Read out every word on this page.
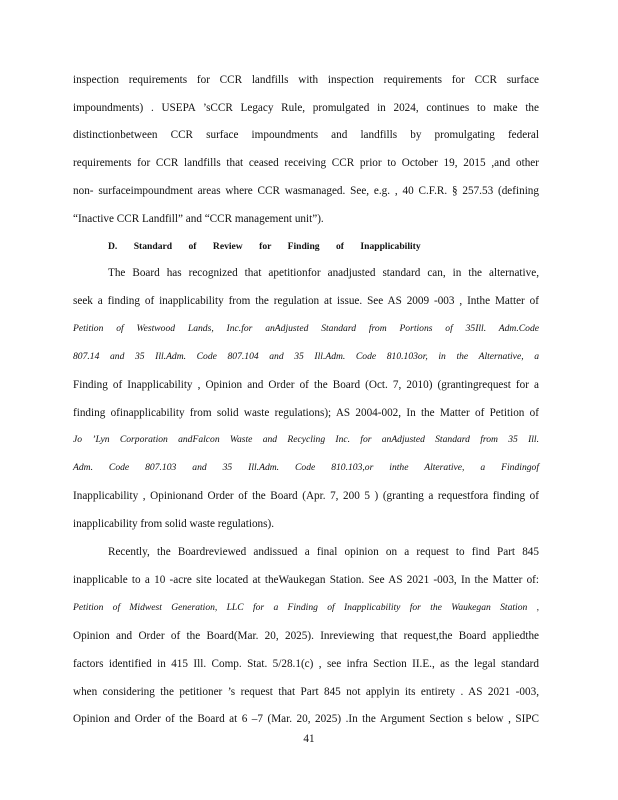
inspection requirements for CCR landfills with inspection requirements for CCR surface
impoundments) . USEPA ’sCCR Legacy Rule, promulgated in 2024, continues to make the
distinctionbetween CCR surface impoundments and landfills by promulgating federal
requirements for CCR landfills that ceased receiving CCR prior to October 19, 2015 ,and other
non- surfaceimpoundment areas where CCR wasmanaged. See, e.g. , 40 C.F.R. § 257.53 (defining
“Inactive CCR Landfill” and “CCR management unit”).
D. Standard of Review for Finding of Inapplicability
The Board has recognized that apetitionfor anadjusted standard can, in the alternative,
seek a finding of inapplicability from the regulation at issue. See AS 2009 -003 , Inthe Matter of
Petition of Westwood Lands, Inc.for anAdjusted Standard from Portions of 35Ill. Adm.Code
807.14 and 35 Ill.Adm. Code 807.104 and 35 Ill.Adm. Code 810.103or, in the Alternative, a
Finding of Inapplicability , Opinion and Order of the Board (Oct. 7, 2010) (grantingrequest for a
finding ofinapplicability from solid waste regulations); AS 2004-002, In the Matter of Petition of
Jo ’Lyn Corporation andFalcon Waste and Recycling Inc. for anAdjusted Standard from 35 Ill.
Adm. Code 807.103 and 35 Ill.Adm. Code 810.103,or inthe Alterative, a Findingof
Inapplicability , Opinionand Order of the Board (Apr. 7, 200 5 ) (granting a requestfora finding of
inapplicability from solid waste regulations).
Recently, the Boardreviewed andissued a final opinion on a request to find Part 845
inapplicable to a 10 -acre site located at theWaukegan Station. See AS 2021 -003, In the Matter of:
Petition of Midwest Generation, LLC for a Finding of Inapplicability for the Waukegan Station ,
Opinion and Order of the Board(Mar. 20, 2025). Inreviewing that request,the Board appliedthe
factors identified in 415 Ill. Comp. Stat. 5/28.1(c) , see infra Section II.E., as the legal standard
when considering the petitioner ’s request that Part 845 not applyin its entirety . AS 2021 -003,
Opinion and Order of the Board at 6 –7 (Mar. 20, 2025) .In the Argument Section s below , SIPC
41
